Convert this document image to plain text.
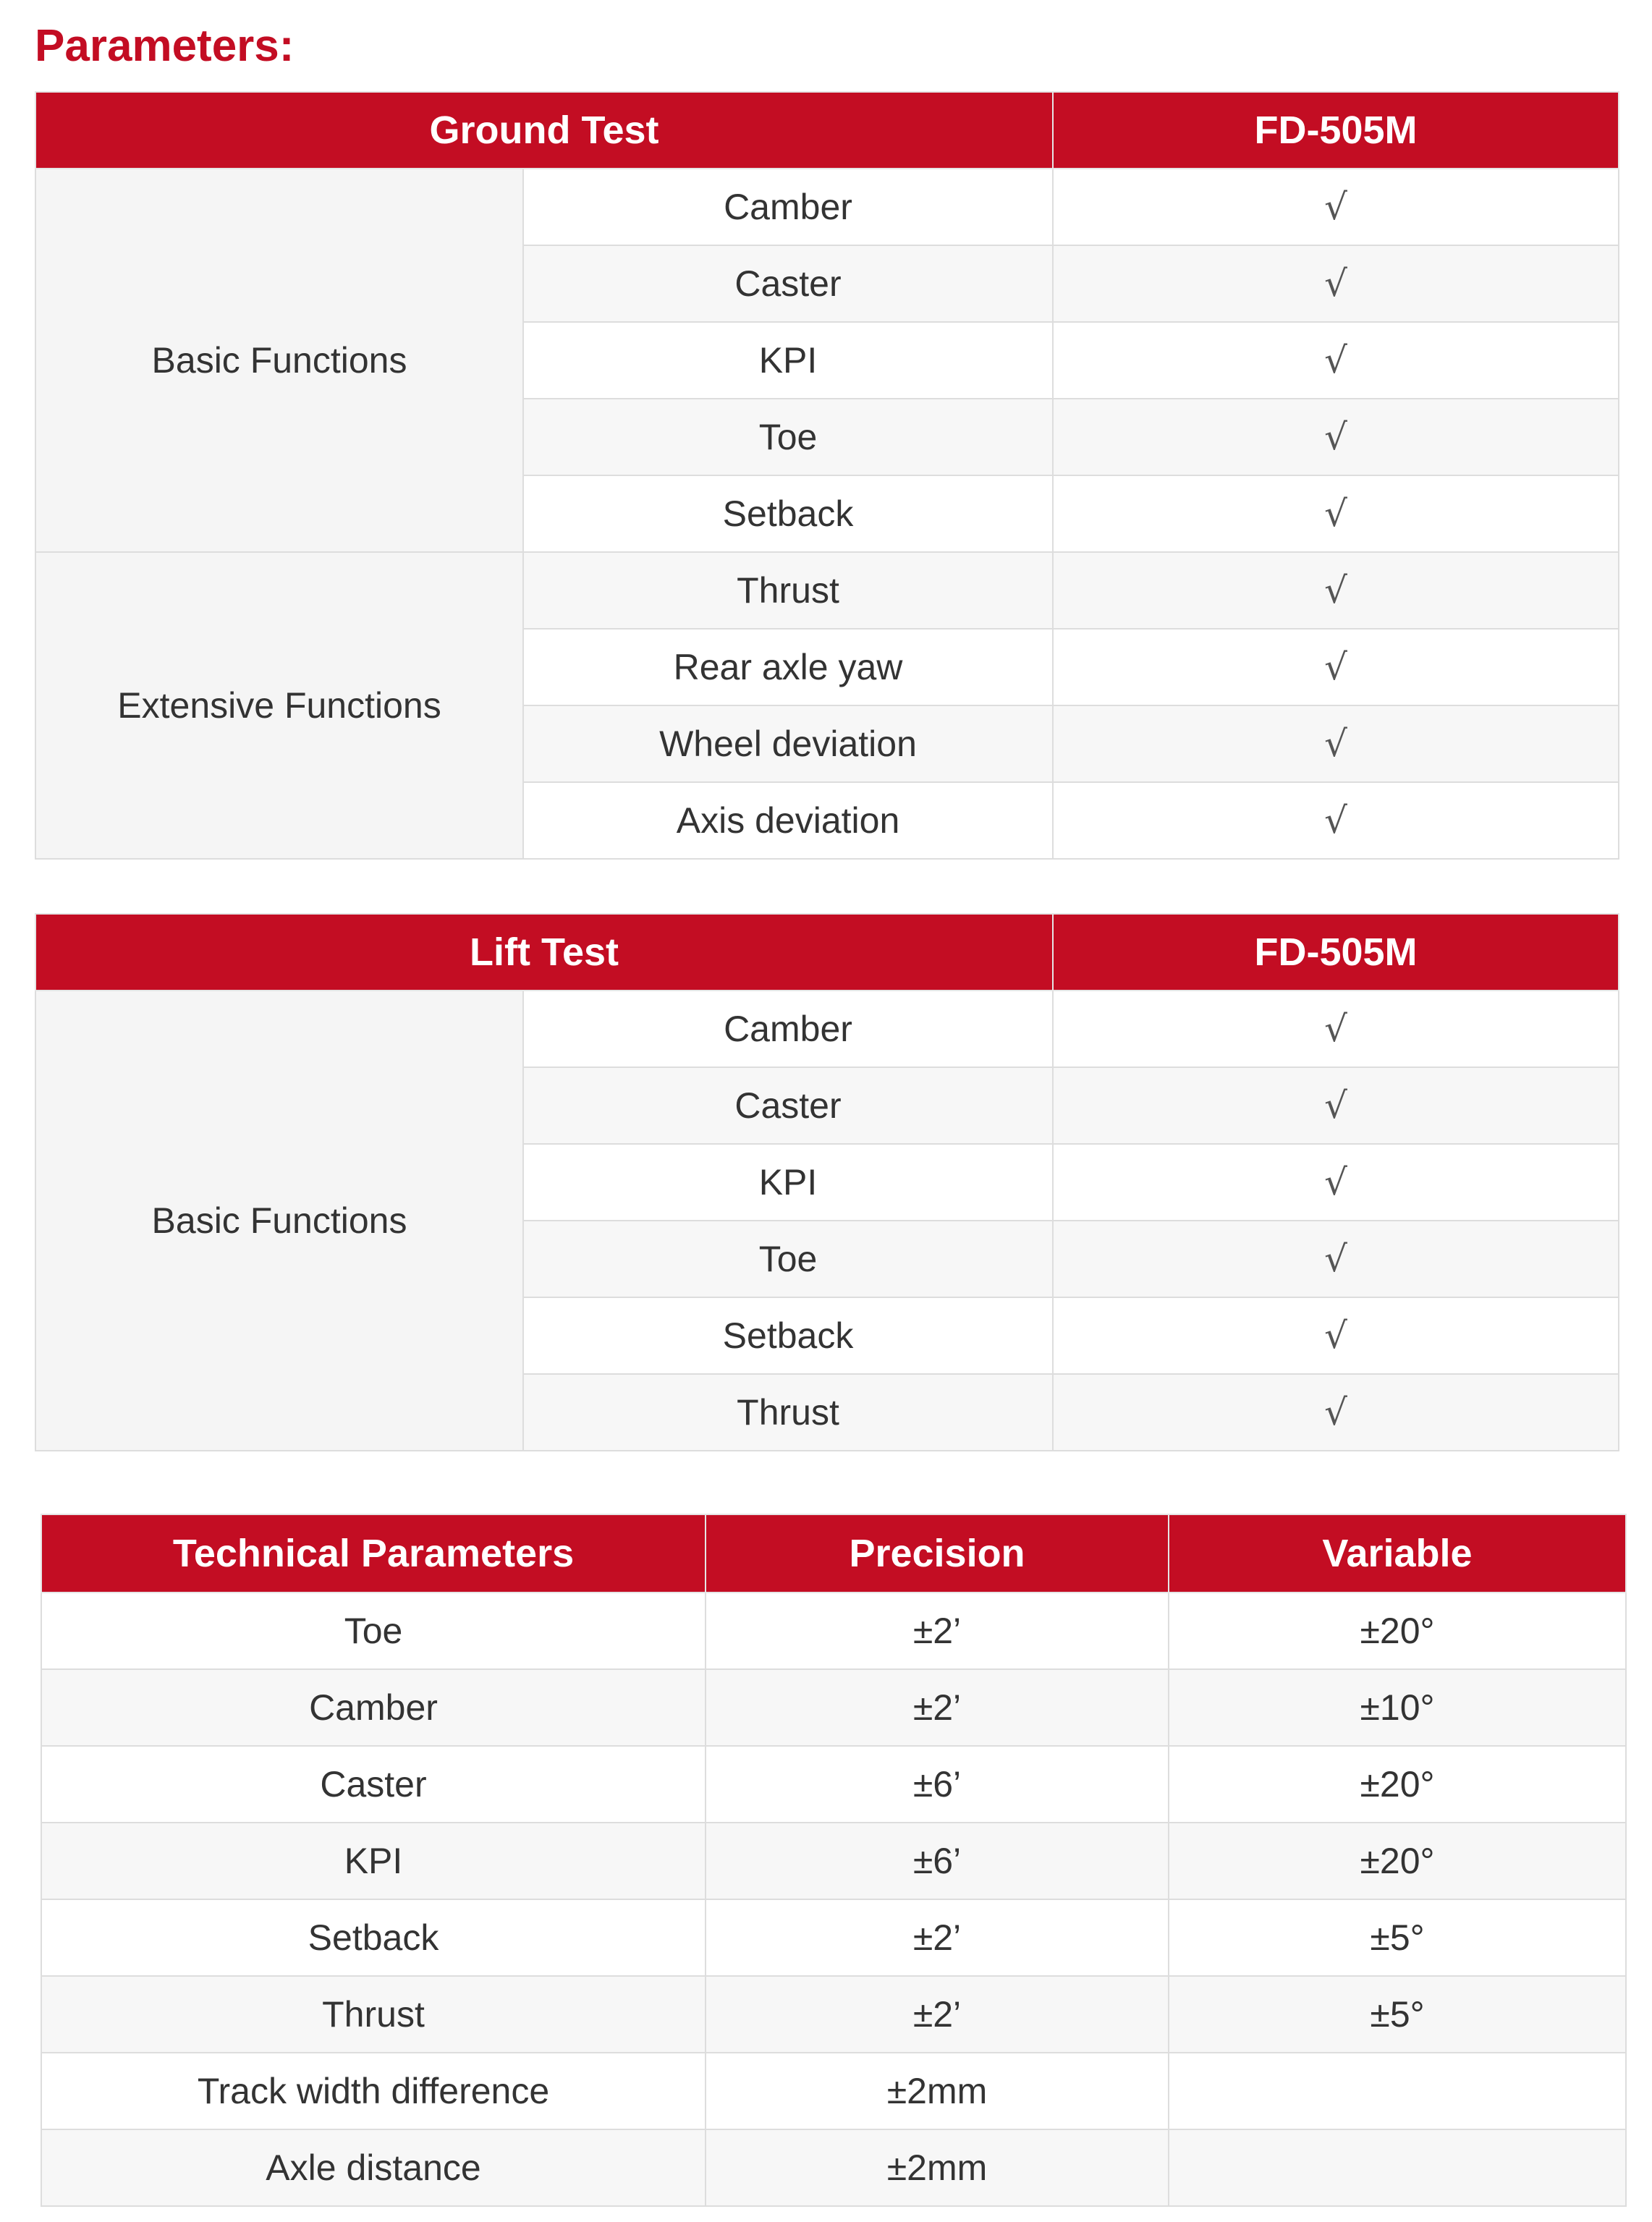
Parameters:
Ground Test		FD-505M
Basic Functions	Camber	√
	Caster	√
	KPI	√
	Toe	√
	Setback	√
Extensive Functions	Thrust	√
	Rear axle yaw	√
	Wheel deviation	√
	Axis deviation	√
Lift Test		FD-505M
Basic Functions	Camber	√
	Caster	√
	KPI	√
	Toe	√
	Setback	√
	Thrust	√
Technical Parameters	Precision	Variable
Toe	±2’	±20°
Camber	±2’	±10°
Caster	±6’	±20°
KPI	±6’	±20°
Setback	±2’	±5°
Thrust	±2’	±5°
Track width difference	±2mm	
Axle distance	±2mm	
